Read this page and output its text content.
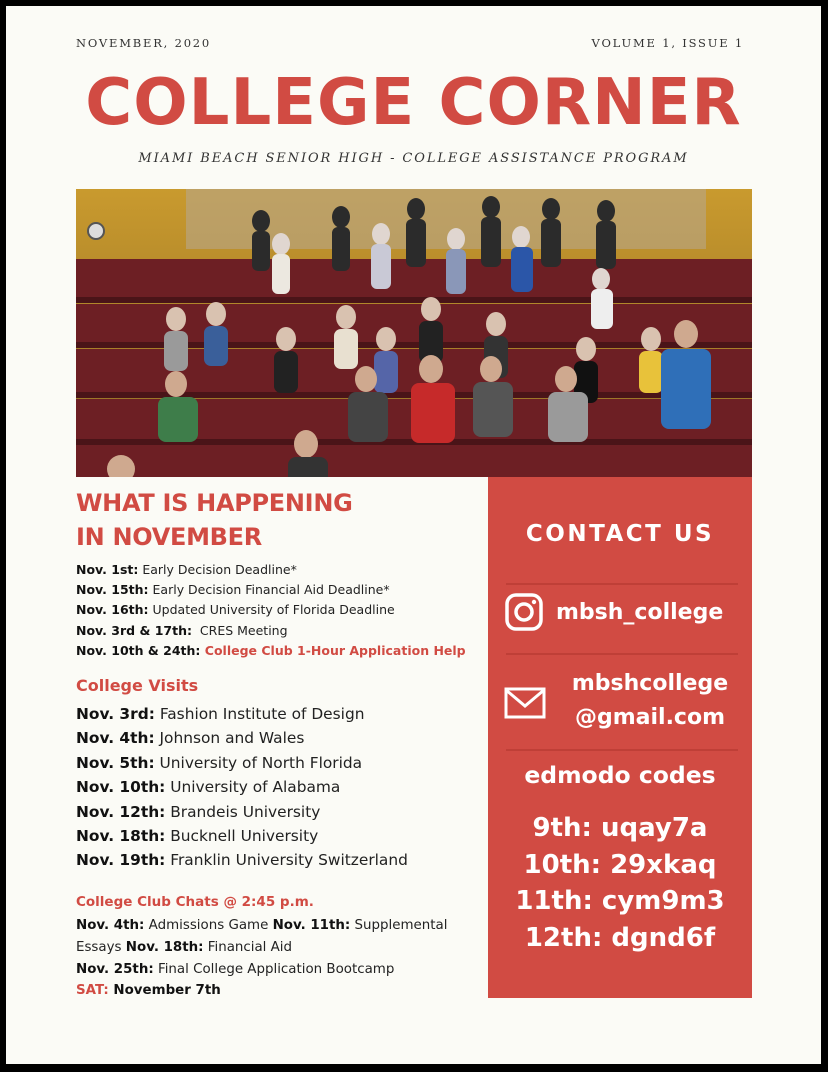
NOVEMBER, 2020	VOLUME 1, ISSUE 1
COLLEGE CORNER
MIAMI BEACH SENIOR HIGH - COLLEGE ASSISTANCE PROGRAM
WHAT IS HAPPENING
IN NOVEMBER
Nov. 1st: Early Decision Deadline*
Nov. 15th: Early Decision Financial Aid Deadline*
Nov. 16th: Updated University of Florida Deadline
Nov. 3rd & 17th:  CRES Meeting
Nov. 10th & 24th: College Club 1-Hour Application Help
College Visits
Nov. 3rd: Fashion Institute of Design
Nov. 4th: Johnson and Wales
Nov. 5th: University of North Florida
Nov. 10th: University of Alabama
Nov. 12th: Brandeis University
Nov. 18th: Bucknell University
Nov. 19th: Franklin University Switzerland
College Club Chats @ 2:45 p.m.
Nov. 4th: Admissions Game Nov. 11th: Supplemental Essays Nov. 18th: Financial Aid
Nov. 25th: Final College Application Bootcamp
SAT: November 7th
CONTACT US
mbsh_college
mbshcollege
@gmail.com
edmodo codes
9th: uqay7a
10th: 29xkaq
11th: cym9m3
12th: dgnd6f
